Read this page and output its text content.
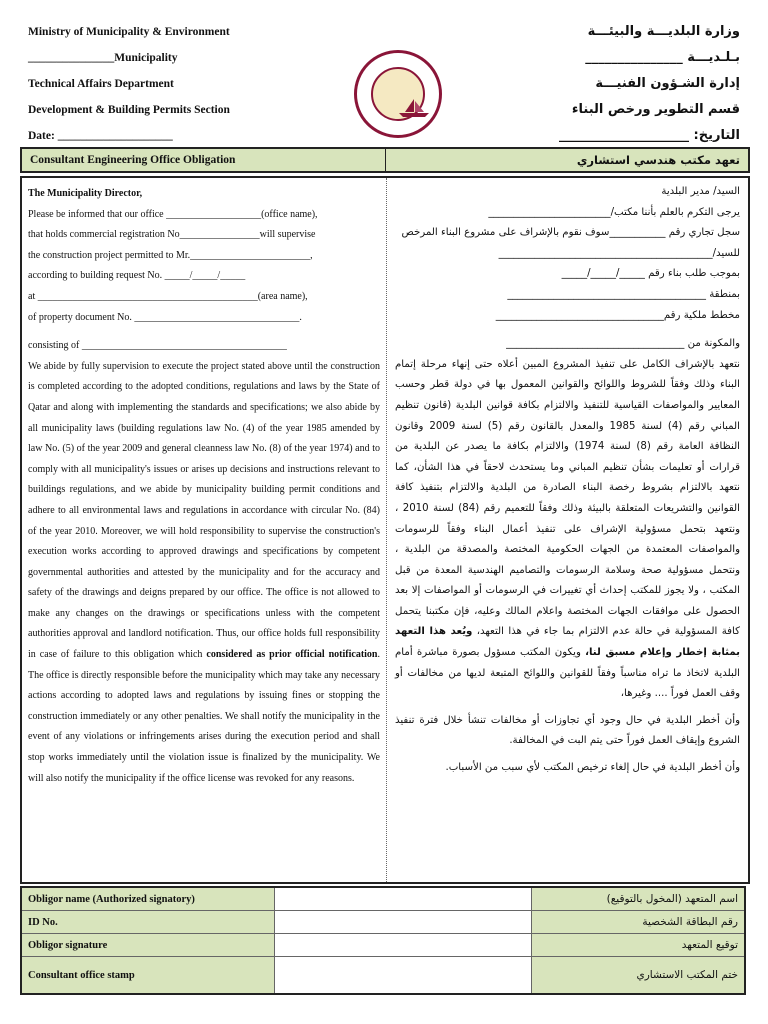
Ministry of Municipality & Environment
_______________Municipality
Technical Affairs Department
Development & Building Permits Section
Date: ____________________
وزارة البلديـــة والبيئـــة
بـلـديـــة _______________
إدارة الشـؤون الفنيـــة
قسم التطوير ورخص البناء
التاريخ: ____________________
Consultant Engineering Office Obligation	تعهد مكتب هندسي استشاري

The Municipality Director,

Please be informed that our office ___________________(office name),

that holds commercial registration No________________will supervise

the construction project permitted to Mr.________________________,

according to building request No. _____/_____/_____

at ____________________________________________(area name),

of property document No. _________________________________.

consisting of _________________________________________

We abide by fully supervision to execute the project stated above until the construction is completed according to the adopted conditions, regulations and laws by the State of Qatar and along with implementing the standards and specifications; we also abide by all municipality laws (building regulations law No. (4) of the year 1985 amended by law No. (5) of the year 2009 and general cleanness law No. (8) of the year 1974) and to comply with all municipality's issues or arises up decisions and instructions relevant to buildings regulations, and we abide by municipality building permit conditions and adhere to all environmental laws and regulations in accordance with circular No. (84) of the year 2010. Moreover, we will hold responsibility to supervise the construction's execution works according to approved drawings and specifications by competent governmental authorities and attested by the municipality and for the accuracy and safety of the drawings and deigns prepared by our office. The office is not allowed to make any changes on the drawings or specifications unless with the competent authorities approval and landlord notification. Thus, our office holds full responsibility in case of failure to this obligation which considered as prior official notification. The office is directly responsible before the municipality which may take any necessary actions according to adopted laws and regulations by issuing fines or stopping the construction immediately or any other penalties. We shall notify the municipality in the event of any violations or infringements arises during the execution period and shall stop works immediately until the violation issue is finalized by the municipality. We will also notify the municipality if the office license was revoked for any reasons.

السيد/ مدير البلدية

يرجى التكرم بالعلم بأننا مكتب/________________________

سجل تجاري رقم ___________سوف نقوم بالإشراف على مشروع البناء المرخص

للسيد/__________________________________________

بموجب طلب بناء رقم _____/_____/_____

بمنطقة _______________________________________

مخطط ملكية رقم_________________________________

والمكونة من ___________________________________

نتعهد بالإشراف الكامل على تنفيذ المشروع المبين أعلاه حتى إنهاء مرحلة إتمام البناء وذلك وفقاً للشروط واللوائح والقوانين المعمول بها في دولة قطر وحسب المعايير والمواصفات القياسية للتنفيذ والالتزام بكافة قوانين البلدية (قانون تنظيم المباني رقم (4) لسنة 1985 والمعدل بالقانون رقم (5) لسنة 2009 وقانون النظافة العامة رقم (8) لسنة 1974) والالتزام بكافة ما يصدر عن البلدية من قرارات أو تعليمات بشأن تنظيم المباني وما يستحدث لاحقاً في هذا الشأن، كما نتعهد بالالتزام بشروط رخصة البناء الصادرة من البلدية والالتزام بتنفيذ كافة القوانين والتشريعات المتعلقة بالبيئة وذلك وفقاً للتعميم رقم (84) لسنة 2010 ، ونتعهد بتحمل مسؤولية الإشراف على تنفيذ أعمال البناء وفقاً للرسومات والمواصفات المعتمدة من الجهات الحكومية المختصة والمصدقة من البلدية ، ونتحمل مسؤولية صحة وسلامة الرسومات والتصاميم الهندسية المعدة من قبل المكتب ، ولا يجوز للمكتب إحداث أي تغييرات في الرسومات أو المواصفات إلا بعد الحصول على موافقات الجهات المختصة واعلام المالك وعليه، فإن مكتبنا يتحمل كافة المسؤولية في حالة عدم الالتزام بما جاء في هذا التعهد، ويُعد هذا التعهد بمثابة إخطار وإعلام مسبق لنا، ويكون المكتب مسؤول بصورة مباشرة أمام البلدية لاتخاذ ما تراه مناسباً وفقاً للقوانين واللوائح المتبعة لديها من مخالفات أو وقف العمل فوراً .... وغيرها،

وأن أخطر البلدية في حال وجود أي تجاوزات أو مخالفات تنشأ خلال فترة تنفيذ الشروع وإيقاف العمل فوراً حتى يتم البت في المخالفة.

وأن أخطر البلدية في حال إلغاء ترخيص المكتب لأي سبب من الأسباب.

Obligor name (Authorized signatory)		اسم المتعهد (المخول بالتوقيع)
ID No.		رقم البطاقة الشخصية
Obligor signature		توقيع المتعهد
Consultant office stamp		ختم المكتب الاستشاري
